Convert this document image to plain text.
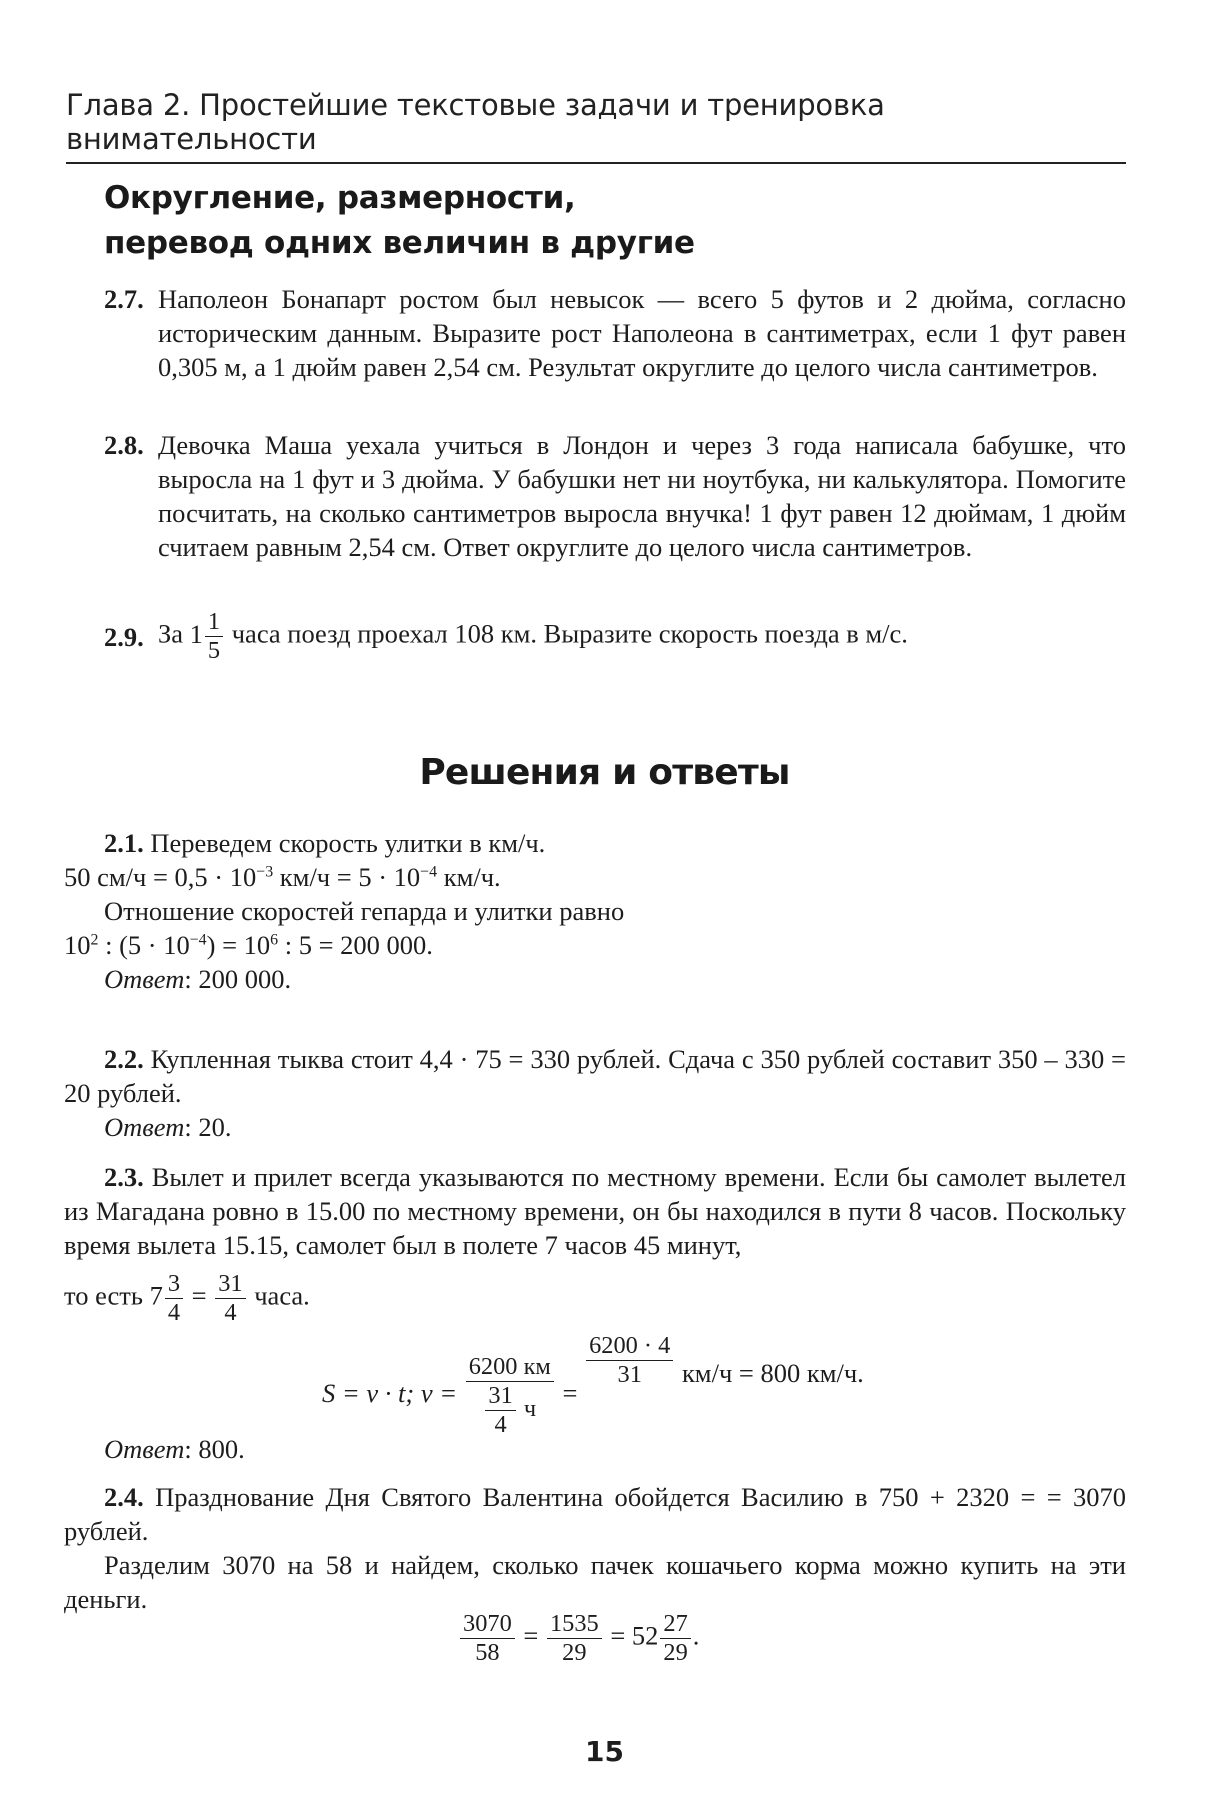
Глава 2. Простейшие текстовые задачи и тренировка внимательности
Округление, размерности,
перевод одних величин в другие
2.7. Наполеон Бонапарт ростом был невысок — всего 5 футов и 2 дюйма, согласно историческим данным. Выразите рост Наполеона в сантиметрах, если 1 фут равен 0,305 м, а 1 дюйм равен 2,54 см. Результат округлите до целого числа сантиметров.
2.8. Девочка Маша уехала учиться в Лондон и через 3 года написала бабушке, что выросла на 1 фут и 3 дюйма. У бабушки нет ни ноутбука, ни калькулятора. Помогите посчитать, на сколько сантиметров выросла внучка! 1 фут равен 12 дюймам, 1 дюйм считаем равным 2,54 см. Ответ округлите до целого числа сантиметров.
2.9. За $1 \frac{1}{5}$ часа поезд проехал 108 км. Выразите скорость поезда в м/с.
Решения и ответы

2.1. Переведем скорость улитки в км/ч.

50 $см/ч = 0,5 \cdot 10^{-3}$ $км/ч = 5 \cdot 10^{-4}$ км/ч.

Отношение скоростей гепарда и улитки равно

$10^2$ : $(5 \cdot 10^{-4}) = 10^6$ : 5 = 200 000.

Ответ: 200 000.

2.2. Купленная тыква стоит 4,4 · 75 = 330 рублей. Сдача с 350 рублей составит 350 – 330 = 20 рублей.

Ответ: 20.

2.3. Вылет и прилет всегда указываются по местному времени. Если бы самолет вылетел из Магадана ровно в 15.00 по местному времени, он бы находился в пути 8 часов. Поскольку время вылета 15.15, самолет был в полете 7 часов 45 минут,

то есть $7 \frac{3}{4} = \frac{31}{4}$ часа.
S = v · t; $v = \frac{6200 км}{\frac{31}{4} ч}$ =
$\frac{6200 \cdot 4}{31} км/ч = 800$ км/ч.

Ответ: 800.

2.4. Празднование Дня Святого Валентина обойдется Василию в 750 + 2320 = = 3070 рублей.

Разделим 3070 на 58 и найдем, сколько пачек кошачьего корма можно купить на эти деньги.

$\frac{3070}{58} = \frac{1535}{29} = 52 \frac{27}{29}$ .
15
